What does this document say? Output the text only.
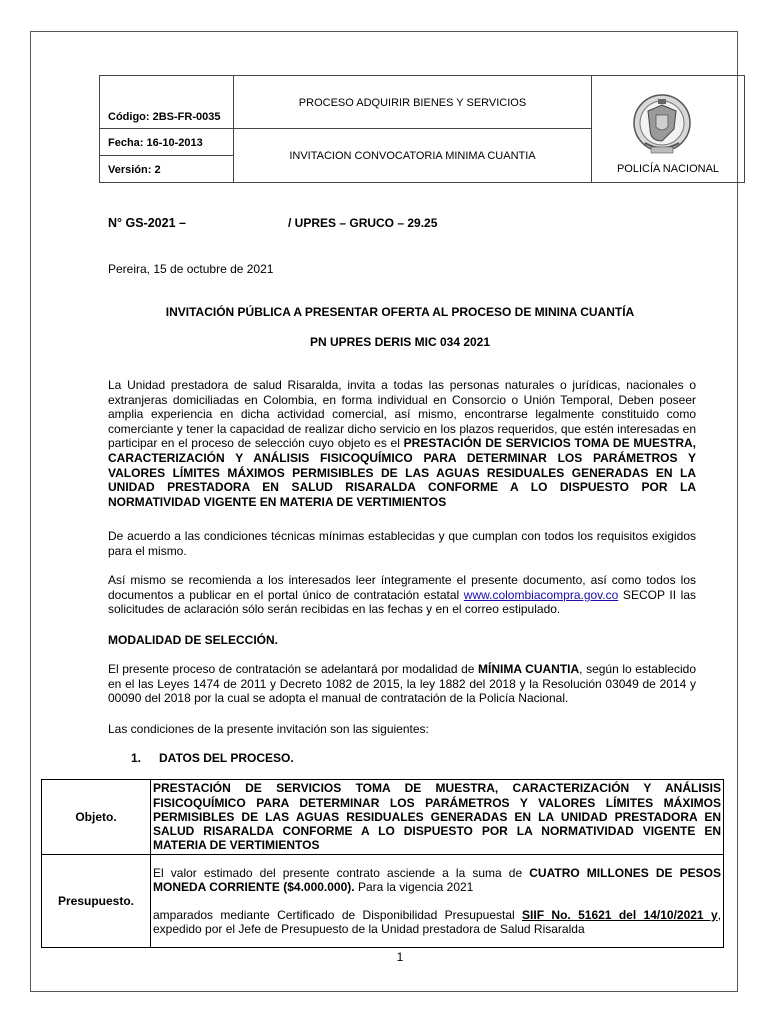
Código: 2BS-FR-0035
Fecha: 16-10-2013
Versión: 2
PROCESO ADQUIRIR BIENES Y SERVICIOS
INVITACION CONVOCATORIA MINIMA CUANTIA
POLICÍA NACIONAL
N° GS-2021 –	/ UPRES – GRUCO – 29.25
Pereira, 15 de octubre de 2021
INVITACIÓN PÚBLICA A PRESENTAR OFERTA AL PROCESO DE MININA CUANTÍA
PN UPRES DERIS MIC 034 2021
La Unidad prestadora de salud Risaralda, invita a todas las personas naturales o jurídicas, nacionales o extranjeras domiciliadas en Colombia, en forma individual en Consorcio o Unión Temporal, Deben poseer amplia experiencia en dicha actividad comercial, así mismo, encontrarse legalmente constituido como comerciante y tener la capacidad de realizar dicho servicio en los plazos requeridos, que estén interesadas en participar en el proceso de selección cuyo objeto es el PRESTACIÓN DE SERVICIOS TOMA DE MUESTRA, CARACTERIZACIÓN Y ANÁLISIS FISICOQUÍMICO PARA DETERMINAR LOS PARÁMETROS Y VALORES LÍMITES MÁXIMOS PERMISIBLES DE LAS AGUAS RESIDUALES GENERADAS EN LA UNIDAD PRESTADORA EN SALUD RISARALDA CONFORME A LO DISPUESTO POR LA NORMATIVIDAD VIGENTE EN MATERIA DE VERTIMIENTOS
De acuerdo a las condiciones técnicas mínimas establecidas y que cumplan con todos los requisitos exigidos para el mismo.
Así mismo se recomienda a los interesados leer íntegramente el presente documento, así como todos los documentos a publicar en el portal único de contratación estatal www.colombiacompra.gov.co SECOP II las solicitudes de aclaración sólo serán recibidas en las fechas y en el correo estipulado.
MODALIDAD DE SELECCIÓN.
El presente proceso de contratación se adelantará por modalidad de MÍNIMA CUANTIA, según lo establecido en el las Leyes 1474 de 2011 y Decreto 1082 de 2015, la ley 1882 del 2018 y la Resolución 03049 de 2014 y 00090 del 2018 por la cual se adopta el manual de contratación de la Policía Nacional.
Las condiciones de la presente invitación son las siguientes:
1. DATOS DEL PROCESO.
Objeto.	PRESTACIÓN DE SERVICIOS TOMA DE MUESTRA, CARACTERIZACIÓN Y ANÁLISIS FISICOQUÍMICO PARA DETERMINAR LOS PARÁMETROS Y VALORES LÍMITES MÁXIMOS PERMISIBLES DE LAS AGUAS RESIDUALES GENERADAS EN LA UNIDAD PRESTADORA EN SALUD RISARALDA CONFORME A LO DISPUESTO POR LA NORMATIVIDAD VIGENTE EN MATERIA DE VERTIMIENTOS
Presupuesto.	El valor estimado del presente contrato asciende a la suma de CUATRO MILLONES DE PESOS MONEDA CORRIENTE ($4.000.000). Para la vigencia 2021
amparados mediante Certificado de Disponibilidad Presupuestal SIIF No. 51621 del 14/10/2021 y, expedido por el Jefe de Presupuesto de la Unidad prestadora de Salud Risaralda
1
